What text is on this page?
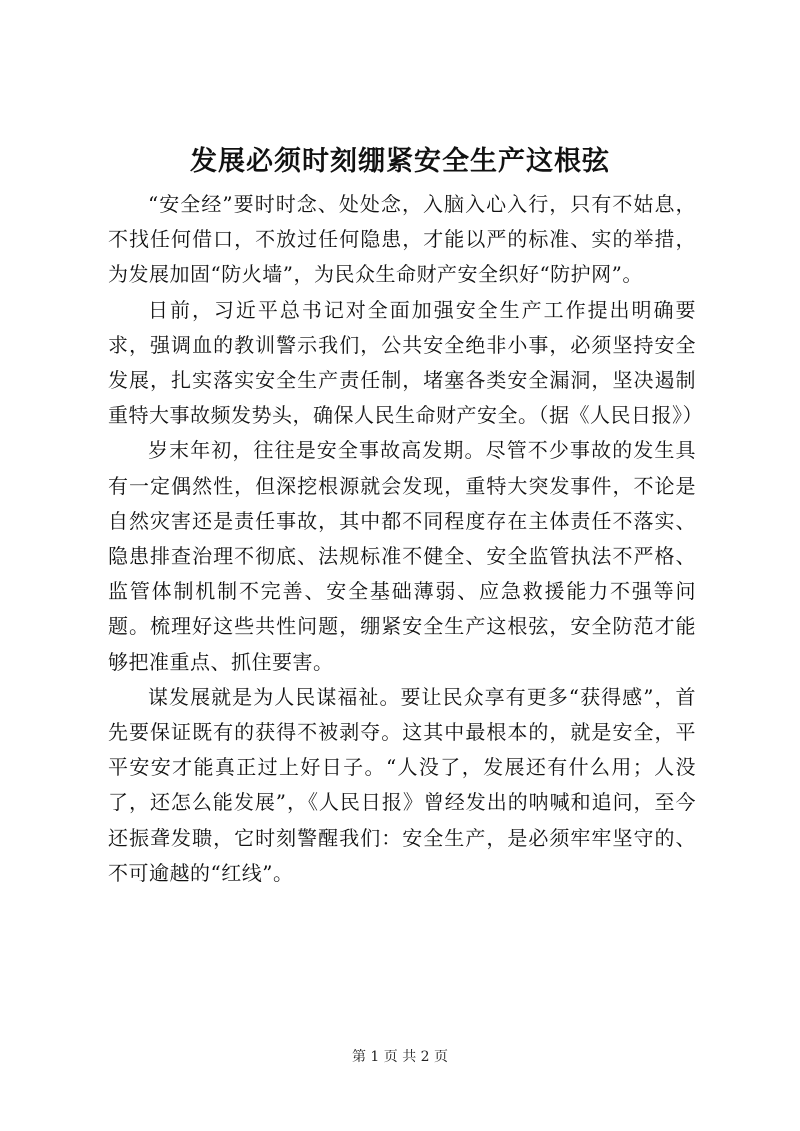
发展必须时刻绷紧安全生产这根弦

“安全经”要时时念、处处念，入脑入心入行，只有不姑息，不找任何借口，不放过任何隐患，才能以严的标准、实的举措，为发展加固“防火墙”，为民众生命财产安全织好“防护网”。

日前，习近平总书记对全面加强安全生产工作提出明确要求，强调血的教训警示我们，公共安全绝非小事，必须坚持安全发展，扎实落实安全生产责任制，堵塞各类安全漏洞，坚决遏制重特大事故频发势头，确保人民生命财产安全。（据《人民日报》）

岁末年初，往往是安全事故高发期。尽管不少事故的发生具有一定偶然性，但深挖根源就会发现，重特大突发事件，不论是自然灾害还是责任事故，其中都不同程度存在主体责任不落实、隐患排查治理不彻底、法规标准不健全、安全监管执法不严格、监管体制机制不完善、安全基础薄弱、应急救援能力不强等问题。梳理好这些共性问题，绷紧安全生产这根弦，安全防范才能够把准重点、抓住要害。

谋发展就是为人民谋福祉。要让民众享有更多“获得感”，首先要保证既有的获得不被剥夺。这其中最根本的，就是安全，平平安安才能真正过上好日子。“人没了，发展还有什么用；人没了，还怎么能发展”，《人民日报》曾经发出的呐喊和追问，至今还振聋发聩，它时刻警醒我们：安全生产，是必须牢牢坚守的、不可逾越的“红线”。

第 1 页 共 2 页
